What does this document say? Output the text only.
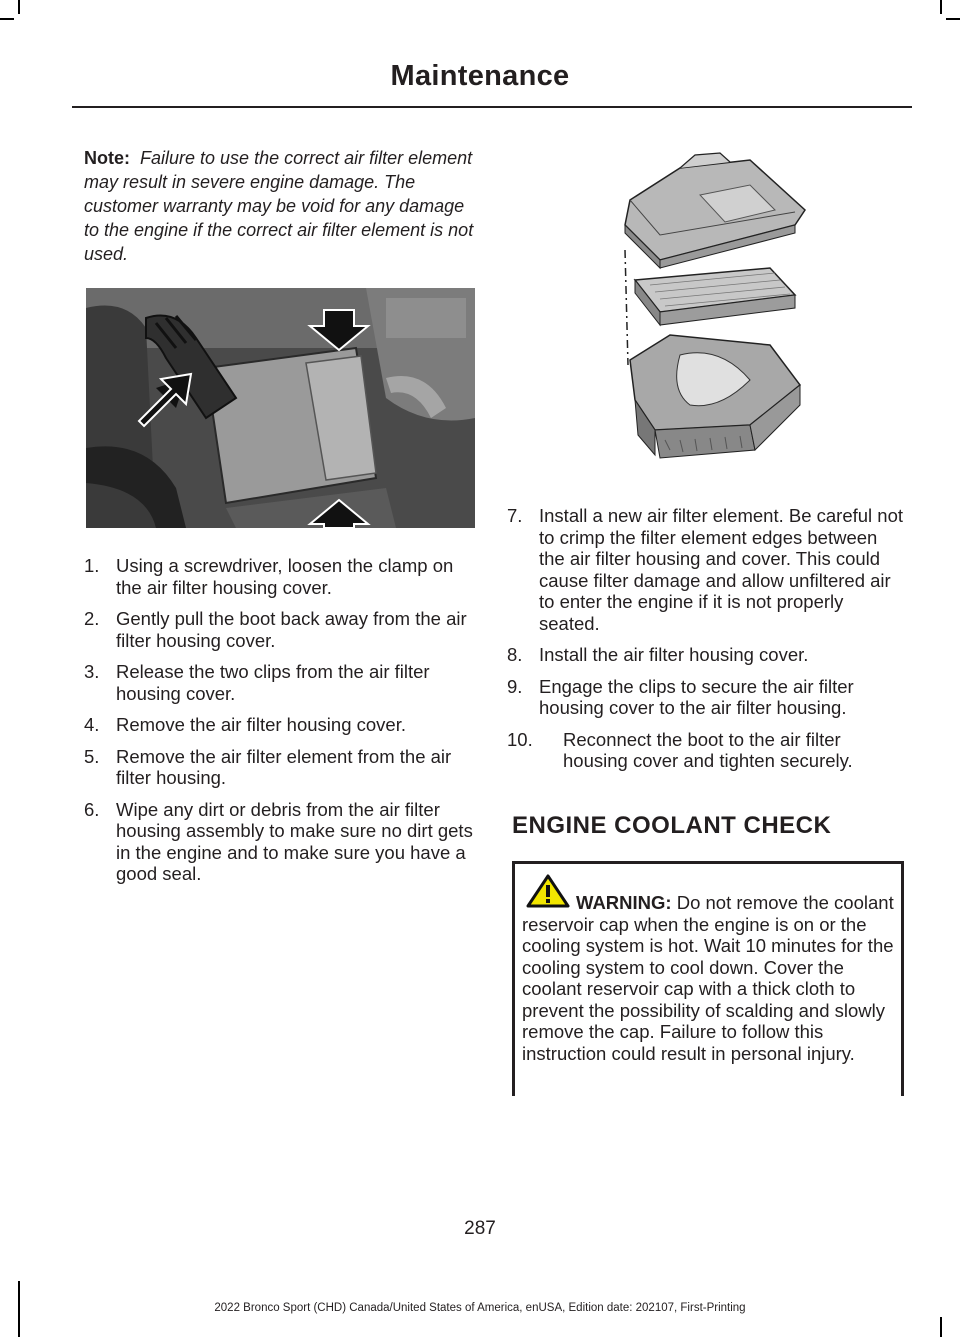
Maintenance

Note: Failure to use the correct air filter element may result in severe engine damage. The customer warranty may be void for any damage to the engine if the correct air filter element is not used.

1. Using a screwdriver, loosen the clamp on the air filter housing cover.
2. Gently pull the boot back away from the air filter housing cover.
3. Release the two clips from the air filter housing cover.
4. Remove the air filter housing cover.
5. Remove the air filter element from the air filter housing.
6. Wipe any dirt or debris from the air filter housing assembly to make sure no dirt gets in the engine and to make sure you have a good seal.
7. Install a new air filter element. Be careful not to crimp the filter element edges between the air filter housing and cover. This could cause filter damage and allow unfiltered air to enter the engine if it is not properly seated.
8. Install the air filter housing cover.
9. Engage the clips to secure the air filter housing cover to the air filter housing.
10. Reconnect the boot to the air filter housing cover and tighten securely.
ENGINE COOLANT CHECK
WARNING: Do not remove the coolant reservoir cap when the engine is on or the cooling system is hot. Wait 10 minutes for the cooling system to cool down. Cover the coolant reservoir cap with a thick cloth to prevent the possibility of scalding and slowly remove the cap. Failure to follow this instruction could result in personal injury.
287
2022 Bronco Sport (CHD) Canada/United States of America, enUSA, Edition date: 202107, First-Printing
